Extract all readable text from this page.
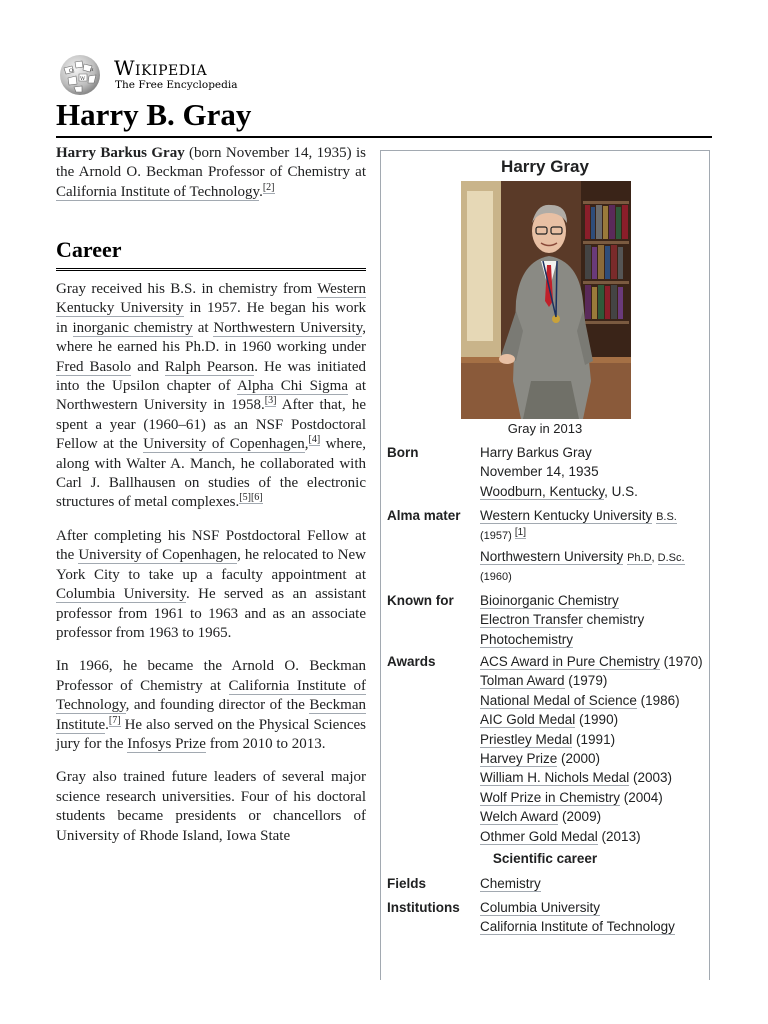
Ω
W
И Wikipedia
The Free Encyclopedia
Harry B. Gray

Harry Barkus Gray (born November 14, 1935) is the Arnold O. Beckman Professor of Chemistry at California Institute of Technology.[2]

Career

Gray received his B.S. in chemistry from Western Kentucky University in 1957. He began his work in inorganic chemistry at Northwestern University, where he earned his Ph.D. in 1960 working under Fred Basolo and Ralph Pearson. He was initiated into the Upsilon chapter of Alpha Chi Sigma at Northwestern University in 1958.[3] After that, he spent a year (1960–61) as an NSF Postdoctoral Fellow at the University of Copenhagen,[4] where, along with Walter A. Manch, he collaborated with Carl J. Ballhausen on studies of the electronic structures of metal complexes.[5][6]

After completing his NSF Postdoctoral Fellow at the University of Copenhagen, he relocated to New York City to take up a faculty appointment at Columbia University. He served as an assistant professor from 1961 to 1963 and as an associate professor from 1963 to 1965.

In 1966, he became the Arnold O. Beckman Professor of Chemistry at California Institute of Technology, and founding director of the Beckman Institute.[7] He also served on the Physical Sciences jury for the Infosys Prize from 2010 to 2013.

Gray also trained future leaders of several major science research universities. Four of his doctoral students became presidents or chancellors of University of Rhode Island, Iowa State

Harry Gray
Gray in 2013
Born	Harry Barkus Gray
November 14, 1935
Woodburn, Kentucky, U.S.
Alma mater	Western Kentucky University B.S.
(1957) [1]
Northwestern University Ph.D, D.Sc.
(1960)
Known for	Bioinorganic Chemistry
Electron Transfer chemistry
Photochemistry
Awards	ACS Award in Pure Chemistry (1970)
Tolman Award (1979)
National Medal of Science (1986)
AIC Gold Medal (1990)
Priestley Medal (1991)
Harvey Prize (2000)
William H. Nichols Medal (2003)
Wolf Prize in Chemistry (2004)
Welch Award (2009)
Othmer Gold Medal (2013)
Scientific career
Fields	Chemistry
Institutions	Columbia University
California Institute of Technology
